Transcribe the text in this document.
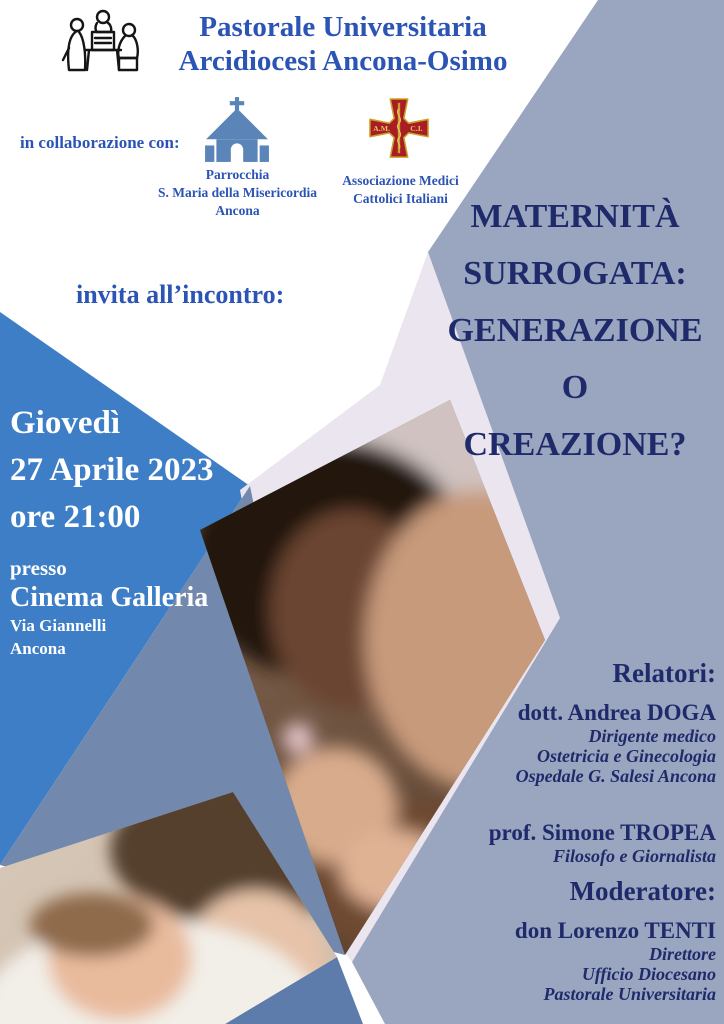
Pastorale Universitaria
Arcidiocesi Ancona-Osimo
in collaborazione con:
Parrocchia
S. Maria della Misericordia
Ancona
A.M.	C.I.
Associazione Medici
Cattolici Italiani
invita all’incontro:
MATERNITÀ
SURROGATA:
GENERAZIONE
O
CREAZIONE?
Giovedì
27 Aprile 2023
ore 21:00
presso
Cinema Galleria
Via Giannelli
Ancona
Relatori:
dott. Andrea DOGA
Dirigente medico
Ostetricia e Ginecologia
Ospedale G. Salesi Ancona
prof. Simone TROPEA
Filosofo e Giornalista
Moderatore:
don Lorenzo TENTI
Direttore
Ufficio Diocesano
Pastorale Universitaria
